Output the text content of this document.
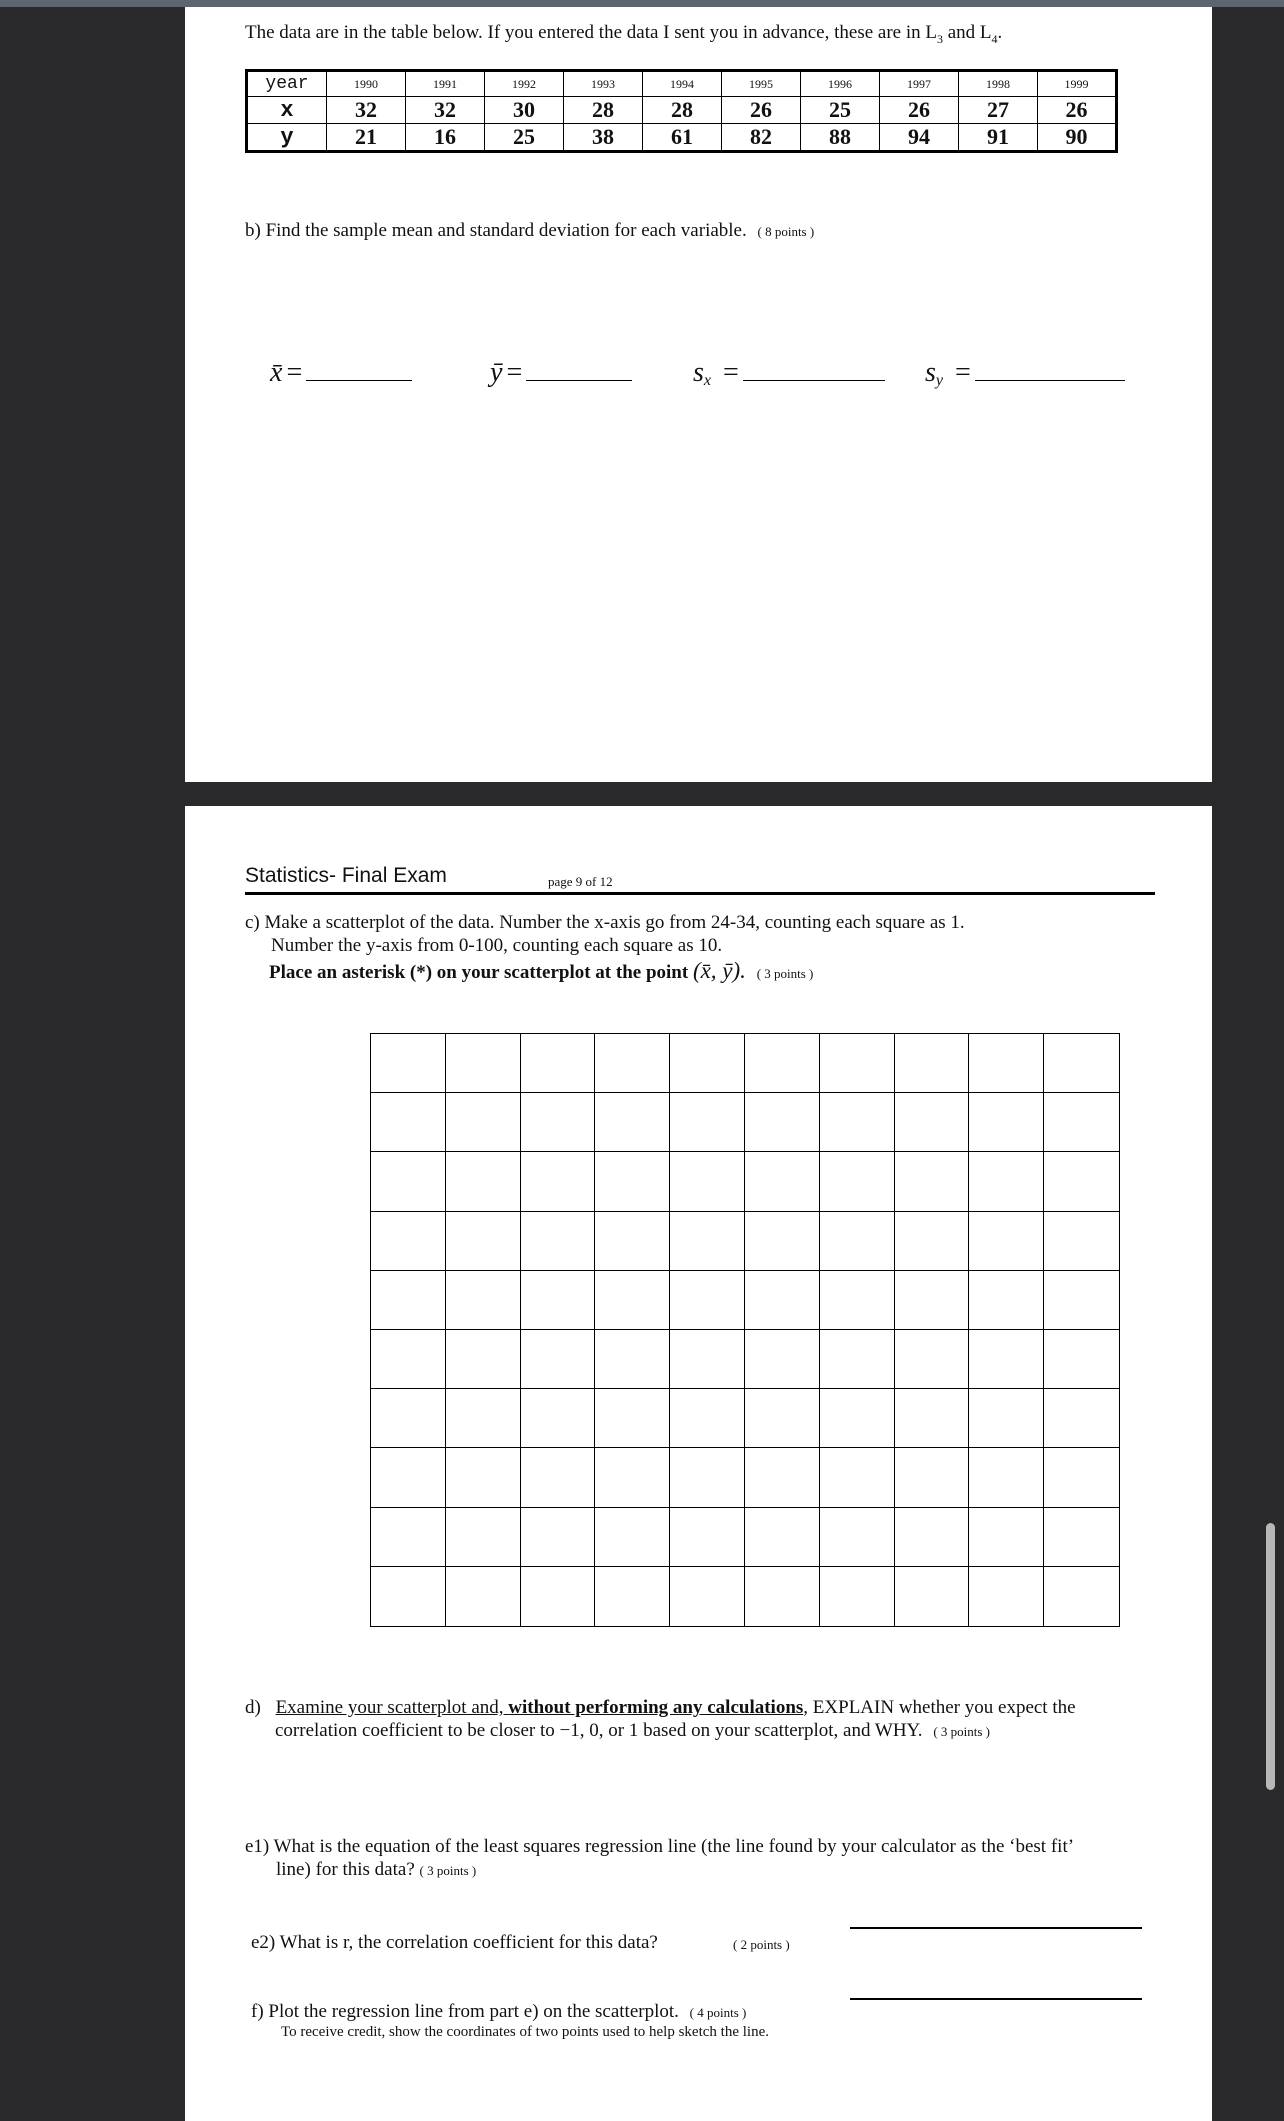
The data are in the table below. If you entered the data I sent you in advance, these are in $L_3$ and $L_4$.
year	1990	1991	1992	1993	1994	1995	1996	1997	1998	1999
x	32	32	30	28	28	26	25	26	27	26
y	21	16	25	38	61	82	88	94	91	90
b) Find the sample mean and standard deviation for each variable. ( 8 points )
x̄ =	ȳ =	$s_x$ =	$s_y$ =
Statistics- Final Exam	page 9 of 12
c) Make a scatterplot of the data. Number the x-axis go from 24-34, counting each square as 1.
Number the y-axis from 0-100, counting each square as 10.
Place an asterisk (*) on your scatterplot at the point (x̄, ȳ). ( 3 points )
d) Examine your scatterplot and, without performing any calculations, EXPLAIN whether you expect the
correlation coefficient to be closer to −1, 0, or 1 based on your scatterplot, and WHY. ( 3 points )
e1) What is the equation of the least squares regression line (the line found by your calculator as the ‘best fit’
line) for this data? ( 3 points )
e2) What is r, the correlation coefficient for this data?	( 2 points )
f) Plot the regression line from part e) on the scatterplot. ( 4 points )
To receive credit, show the coordinates of two points used to help sketch the line.
